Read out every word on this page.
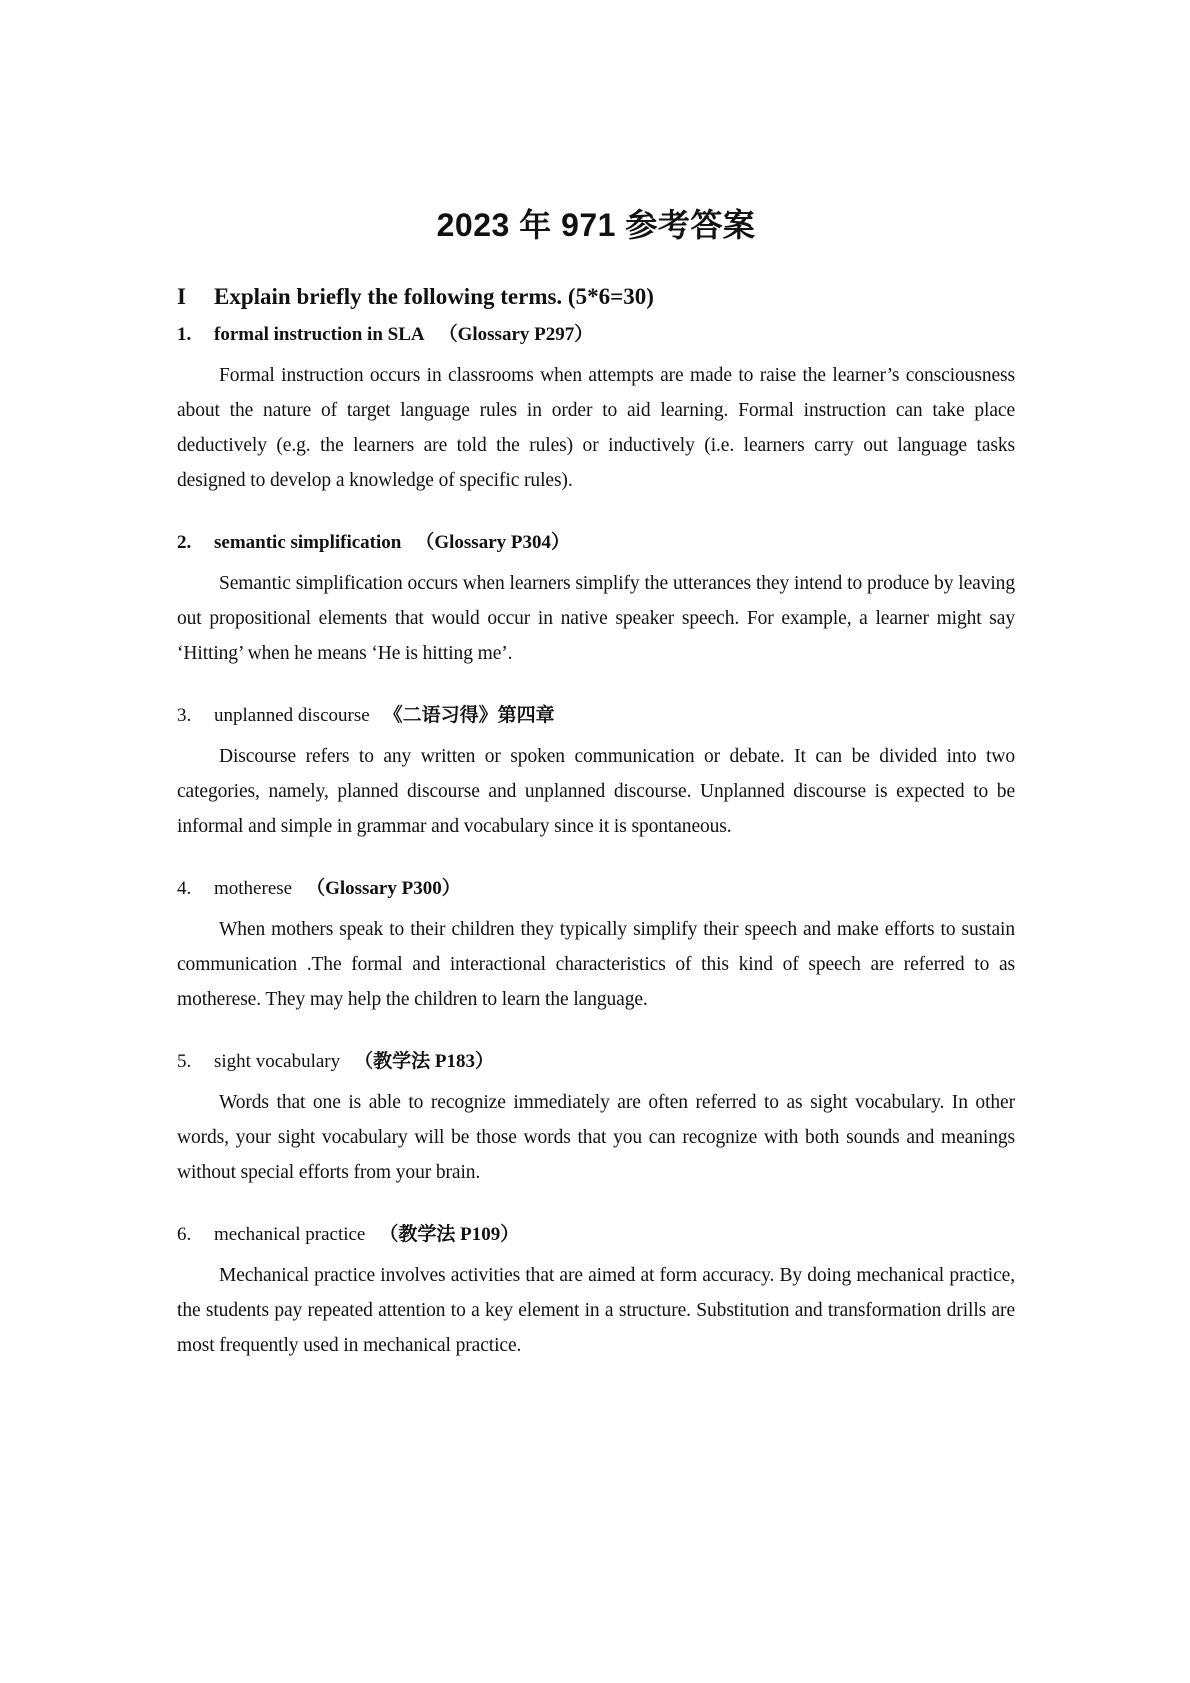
2023 年 971 参考答案
I Explain briefly the following terms. (5*6=30)

1. formal instruction in SLA （Glossary P297）

Formal instruction occurs in classrooms when attempts are made to raise the learner’s consciousness about the nature of target language rules in order to aid learning. Formal instruction can take place deductively (e.g. the learners are told the rules) or inductively (i.e. learners carry out language tasks designed to develop a knowledge of specific rules).

2. semantic simplification （Glossary P304）

Semantic simplification occurs when learners simplify the utterances they intend to produce by leaving out propositional elements that would occur in native speaker speech. For example, a learner might say ‘Hitting’ when he means ‘He is hitting me’.

3. unplanned discourse 《二语习得》第四章

Discourse refers to any written or spoken communication or debate. It can be divided into two categories, namely, planned discourse and unplanned discourse. Unplanned discourse is expected to be informal and simple in grammar and vocabulary since it is spontaneous.

4. motherese （Glossary P300）

When mothers speak to their children they typically simplify their speech and make efforts to sustain communication .The formal and interactional characteristics of this kind of speech are referred to as motherese. They may help the children to learn the language.

5. sight vocabulary （教学法 P183）

Words that one is able to recognize immediately are often referred to as sight vocabulary. In other words, your sight vocabulary will be those words that you can recognize with both sounds and meanings without special efforts from your brain.

6. mechanical practice （教学法 P109）

Mechanical practice involves activities that are aimed at form accuracy. By doing mechanical practice, the students pay repeated attention to a key element in a structure. Substitution and transformation drills are most frequently used in mechanical practice.
